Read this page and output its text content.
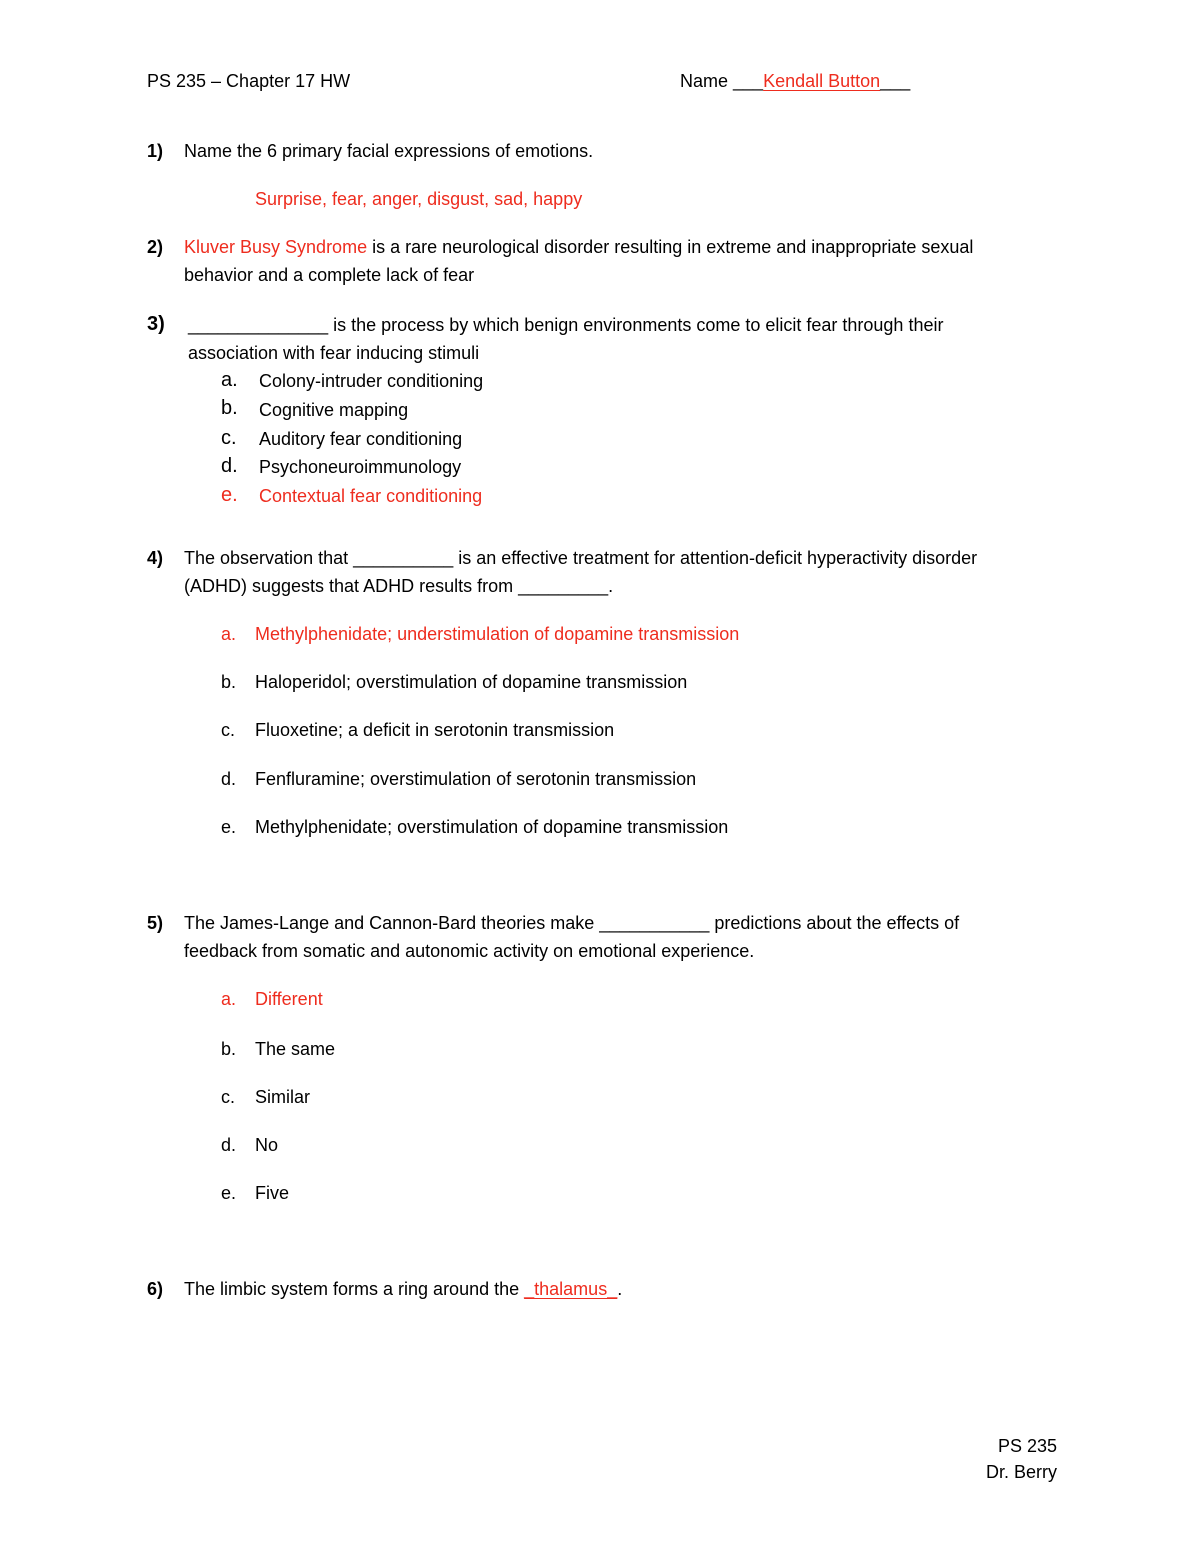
PS 235 – Chapter 17 HW	Name ___Kendall Button___
1) Name the 6 primary facial expressions of emotions.
Surprise, fear, anger, disgust, sad, happy
2) Kluver Busy Syndrome is a rare neurological disorder resulting in extreme and inappropriate sexual
behavior and a complete lack of fear
3) ______________ is the process by which benign environments come to elicit fear through their
association with fear inducing stimuli
a. Colony-intruder conditioning
b. Cognitive mapping
c. Auditory fear conditioning
d. Psychoneuroimmunology
e. Contextual fear conditioning
4) The observation that __________ is an effective treatment for attention-deficit hyperactivity disorder
(ADHD) suggests that ADHD results from _________.
a. Methylphenidate; understimulation of dopamine transmission
b. Haloperidol; overstimulation of dopamine transmission
c. Fluoxetine; a deficit in serotonin transmission
d. Fenfluramine; overstimulation of serotonin transmission
e. Methylphenidate; overstimulation of dopamine transmission
5) The James-Lange and Cannon-Bard theories make ___________ predictions about the effects of
feedback from somatic and autonomic activity on emotional experience.
a. Different
b. The same
c. Similar
d. No
e. Five
6) The limbic system forms a ring around the _thalamus_.
PS 235
Dr. Berry
